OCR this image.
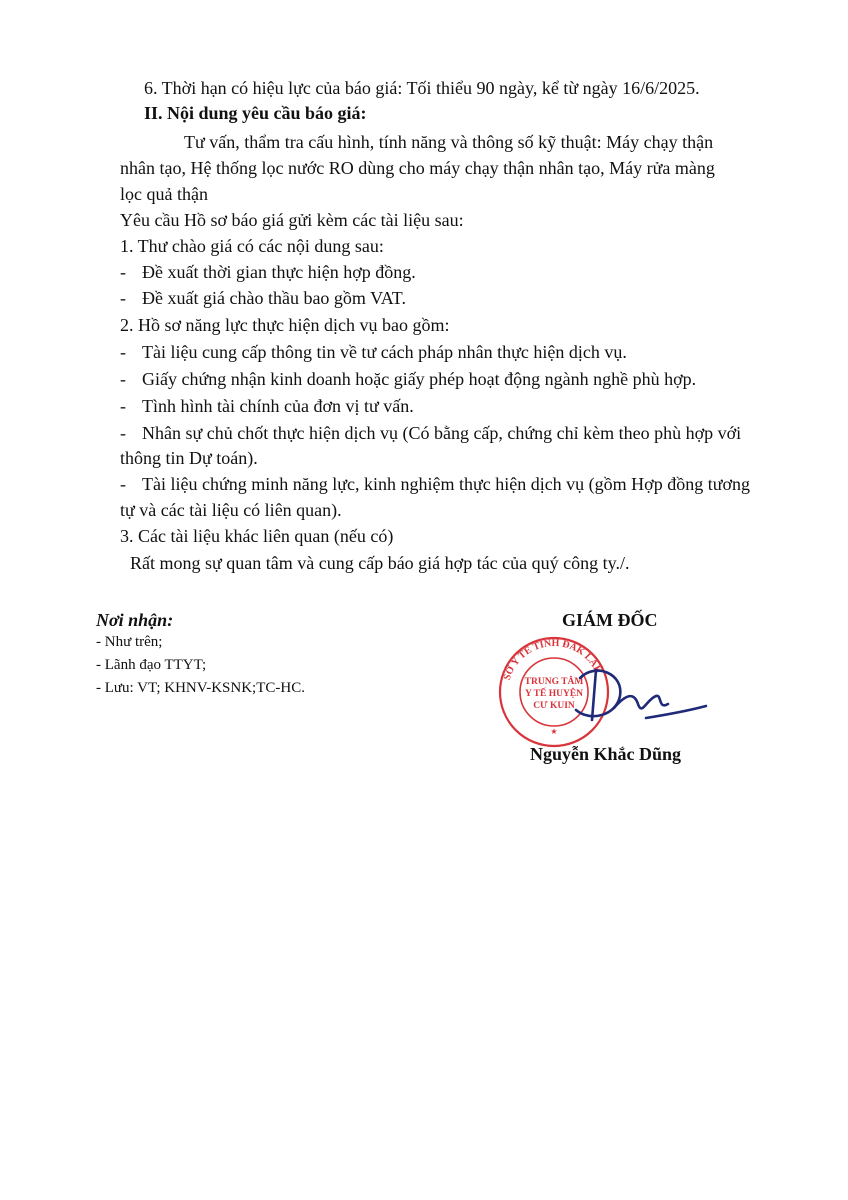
6. Thời hạn có hiệu lực của báo giá: Tối thiểu 90 ngày, kể từ ngày 16/6/2025.
II. Nội dung yêu cầu báo giá:
Tư vấn, thẩm tra cấu hình, tính năng và thông số kỹ thuật: Máy chạy thận
nhân tạo, Hệ thống lọc nước RO dùng cho máy chạy thận nhân tạo, Máy rửa màng
lọc quả thận
Yêu cầu Hồ sơ báo giá gửi kèm các tài liệu sau:
1. Thư chào giá có các nội dung sau:
- Đề xuất thời gian thực hiện hợp đồng.
- Đề xuất giá chào thầu bao gồm VAT.
2. Hồ sơ năng lực thực hiện dịch vụ bao gồm:
- Tài liệu cung cấp thông tin về tư cách pháp nhân thực hiện dịch vụ.
- Giấy chứng nhận kinh doanh hoặc giấy phép hoạt động ngành nghề phù hợp.
- Tình hình tài chính của đơn vị tư vấn.
- Nhân sự chủ chốt thực hiện dịch vụ (Có bằng cấp, chứng chỉ kèm theo phù hợp với
thông tin Dự toán).
- Tài liệu chứng minh năng lực, kinh nghiệm thực hiện dịch vụ (gồm Hợp đồng tương
tự và các tài liệu có liên quan).
3. Các tài liệu khác liên quan (nếu có)
Rất mong sự quan tâm và cung cấp báo giá hợp tác của quý công ty./.
Nơi nhận:
- Như trên;
- Lãnh đạo TTYT;
- Lưu: VT; KHNV-KSNK;TC-HC.
GIÁM ĐỐC
SỞ Y TẾ TỈNH ĐẮK LẮK
TRUNG TÂM
Y TẾ HUYỆN
CƯ KUIN
★
Nguyễn Khắc Dũng
